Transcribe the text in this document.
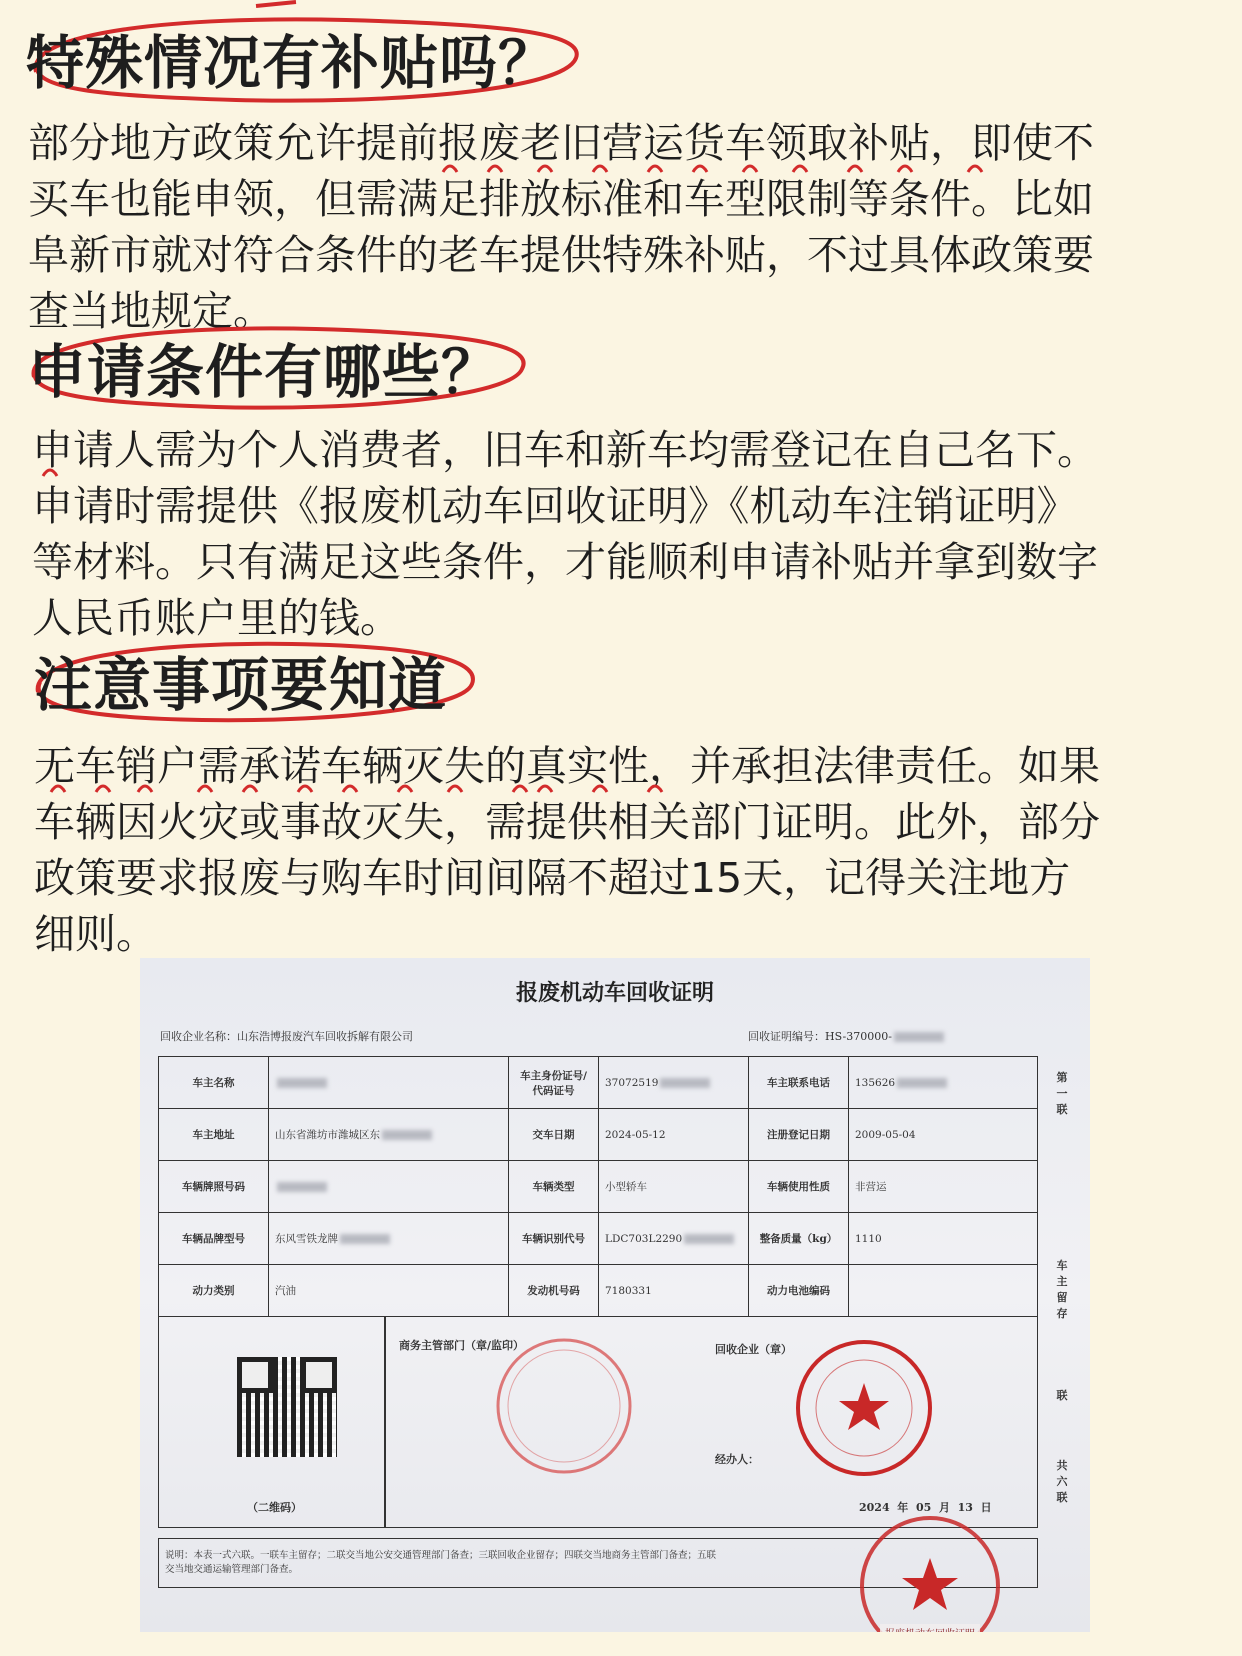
特殊情况有补贴吗？
部分地方政策允许提前报废老旧营运货车领取补贴，即使不
买车也能申领，但需满足排放标准和车型限制等条件。比如
阜新市就对符合条件的老车提供特殊补贴，不过具体政策要
查当地规定。
申请条件有哪些？
申请人需为个人消费者，旧车和新车均需登记在自己名下。
申请时需提供《报废机动车回收证明》《机动车注销证明》
等材料。只有满足这些条件，才能顺利申请补贴并拿到数字
人民币账户里的钱。
注意事项要知道
无车销户需承诺车辆灭失的真实性，并承担法律责任。如果
车辆因火灾或事故灭失，需提供相关部门证明。此外，部分
政策要求报废与购车时间间隔不超过15天，记得关注地方
细则。
报废机动车回收证明
回收企业名称：山东浩博报废汽车回收拆解有限公司	回收证明编号：HS-370000-
车主名称		车主身份证号/代码证号	37072519	车主联系电话	135626
车主地址	山东省潍坊市潍城区东	交车日期	2024-05-12	注册登记日期	2009-05-04
车辆牌照号码		车辆类型	小型轿车	车辆使用性质	非营运
车辆品牌型号	东风雪铁龙牌	车辆识别代号	LDC703L2290	整备质量（kg）	1110
动力类别	汽油	发动机号码	7180331	动力电池编码	
（二维码）
商务主管部门（章/监印）	回收企业（章）
经办人：
2024 年 05 月 13 日
说明：本表一式六联。一联车主留存；二联交当地公安交通管理部门备查；三联回收企业留存；四联交当地商务主管部门备查；五联
交当地交通运输管理部门备查。
第一联
车主留存
联
共六联
报废机动车回收证明
